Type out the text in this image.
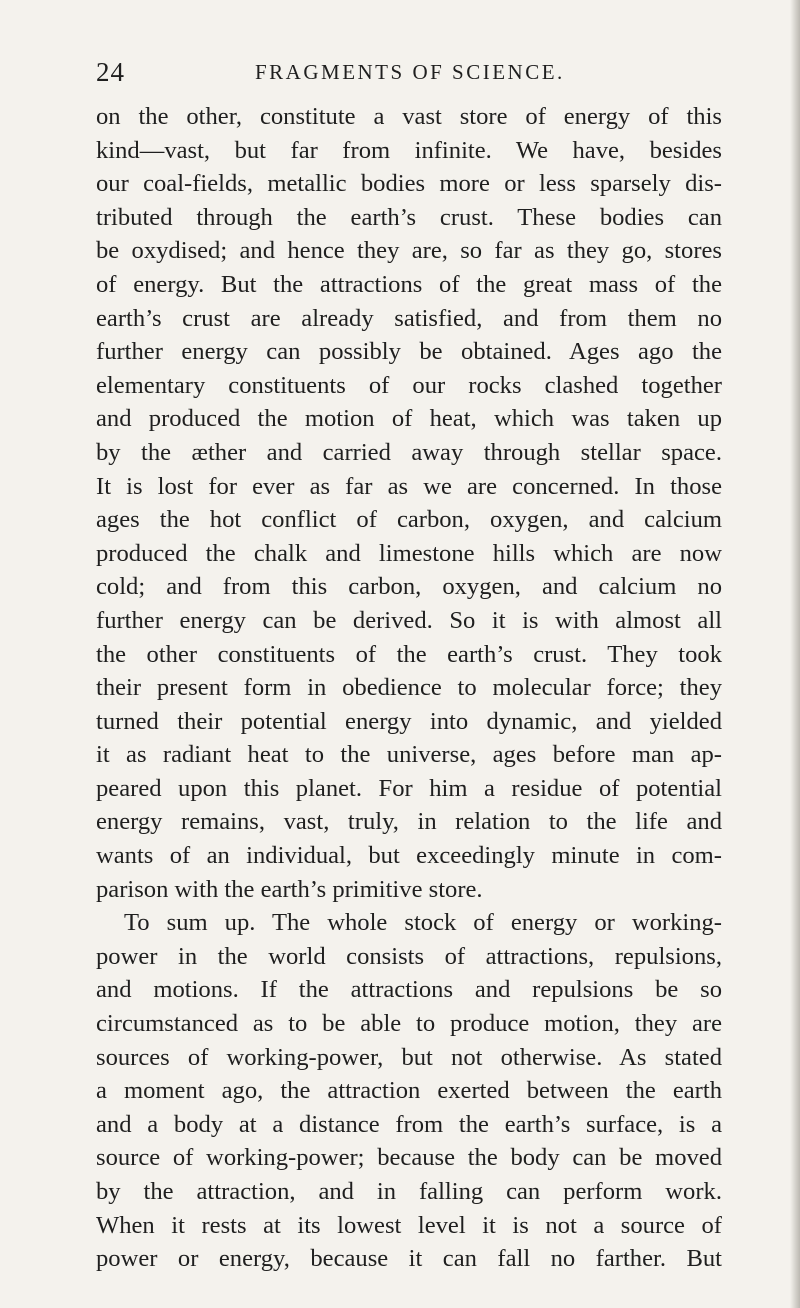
24	FRAGMENTS OF SCIENCE.
on the other, constitute a vast store of energy of this
kind—vast, but far from infinite. We have, besides
our coal-fields, metallic bodies more or less sparsely dis-
tributed through the earth’s crust. These bodies can
be oxydised; and hence they are, so far as they go, stores
of energy. But the attractions of the great mass of the
earth’s crust are already satisfied, and from them no
further energy can possibly be obtained. Ages ago the
elementary constituents of our rocks clashed together
and produced the motion of heat, which was taken up
by the æther and carried away through stellar space.
It is lost for ever as far as we are concerned. In those
ages the hot conflict of carbon, oxygen, and calcium
produced the chalk and limestone hills which are now
cold; and from this carbon, oxygen, and calcium no
further energy can be derived. So it is with almost all
the other constituents of the earth’s crust. They took
their present form in obedience to molecular force; they
turned their potential energy into dynamic, and yielded
it as radiant heat to the universe, ages before man ap-
peared upon this planet. For him a residue of potential
energy remains, vast, truly, in relation to the life and
wants of an individual, but exceedingly minute in com-
parison with the earth’s primitive store.
To sum up. The whole stock of energy or working-
power in the world consists of attractions, repulsions,
and motions. If the attractions and repulsions be so
circumstanced as to be able to produce motion, they are
sources of working-power, but not otherwise. As stated
a moment ago, the attraction exerted between the earth
and a body at a distance from the earth’s surface, is a
source of working-power; because the body can be moved
by the attraction, and in falling can perform work.
When it rests at its lowest level it is not a source of
power or energy, because it can fall no farther. But
